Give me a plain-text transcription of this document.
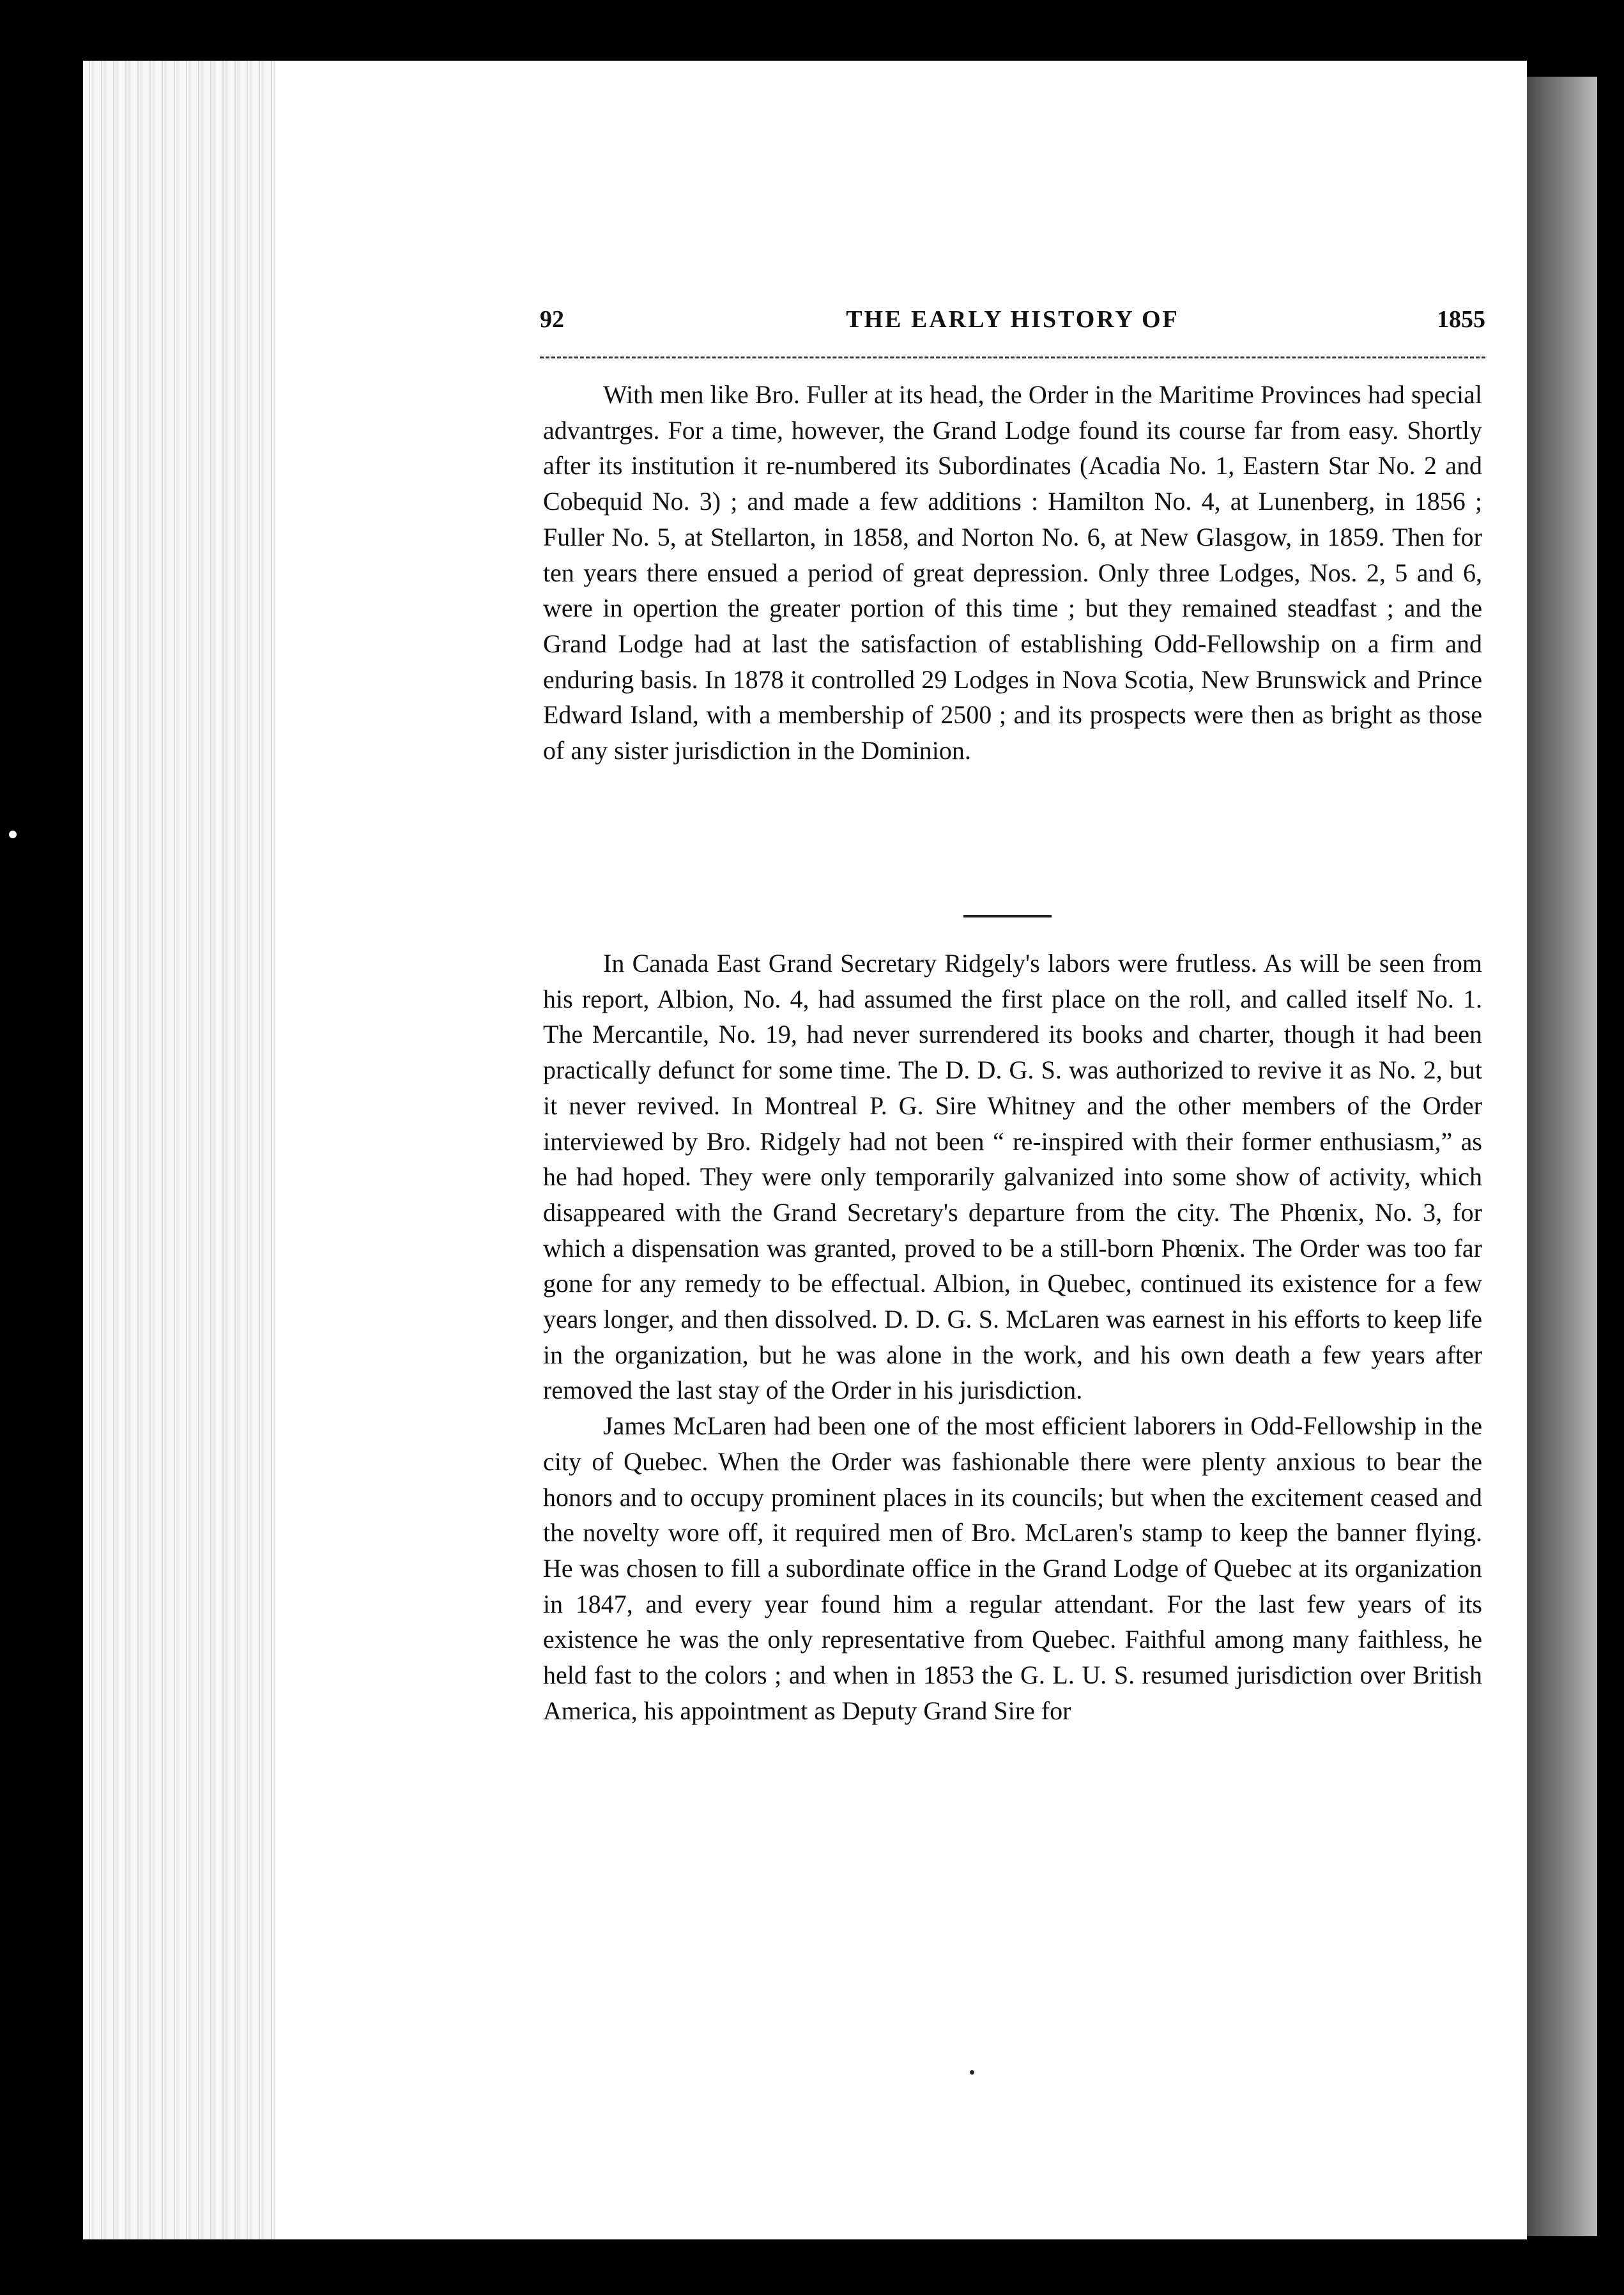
92	THE EARLY HISTORY OF	1855

With men like Bro. Fuller at its head, the Order in the Maritime Provinces had special advantrges. For a time, however, the Grand Lodge found its course far from easy. Shortly after its institution it re-numbered its Subordinates (Acadia No. 1, Eastern Star No. 2 and Cobequid No. 3) ; and made a few additions : Hamilton No. 4, at Lunenberg, in 1856 ; Fuller No. 5, at Stellarton, in 1858, and Norton No. 6, at New Glasgow, in 1859. Then for ten years there ensued a period of great depression. Only three Lodges, Nos. 2, 5 and 6, were in opertion the greater portion of this time ; but they remained steadfast ; and the Grand Lodge had at last the satisfaction of establishing Odd-Fellowship on a firm and enduring basis. In 1878 it controlled 29 Lodges in Nova Scotia, New Brunswick and Prince Edward Island, with a membership of 2500 ; and its prospects were then as bright as those of any sister jurisdiction in the Dominion.

In Canada East Grand Secretary Ridgely's labors were frutless. As will be seen from his report, Albion, No. 4, had assumed the first place on the roll, and called itself No. 1. The Mercantile, No. 19, had never surrendered its books and charter, though it had been practically defunct for some time. The D. D. G. S. was authorized to revive it as No. 2, but it never revived. In Montreal P. G. Sire Whitney and the other members of the Order interviewed by Bro. Ridgely had not been “ re-inspired with their former enthusiasm,” as he had hoped. They were only temporarily galvanized into some show of activity, which disappeared with the Grand Secretary's departure from the city. The Phœnix, No. 3, for which a dispensation was granted, proved to be a still-born Phœnix. The Order was too far gone for any remedy to be effectual. Albion, in Quebec, continued its existence for a few years longer, and then dissolved. D. D. G. S. McLaren was earnest in his efforts to keep life in the organization, but he was alone in the work, and his own death a few years after removed the last stay of the Order in his jurisdiction.

James McLaren had been one of the most efficient laborers in Odd-Fellowship in the city of Quebec. When the Order was fashionable there were plenty anxious to bear the honors and to occupy prominent places in its councils; but when the excitement ceased and the novelty wore off, it required men of Bro. McLaren's stamp to keep the banner flying. He was chosen to fill a subordinate office in the Grand Lodge of Quebec at its organization in 1847, and every year found him a regular attendant. For the last few years of its existence he was the only representative from Quebec. Faithful among many faithless, he held fast to the colors ; and when in 1853 the G. L. U. S. resumed jurisdiction over British America, his appointment as Deputy Grand Sire for
